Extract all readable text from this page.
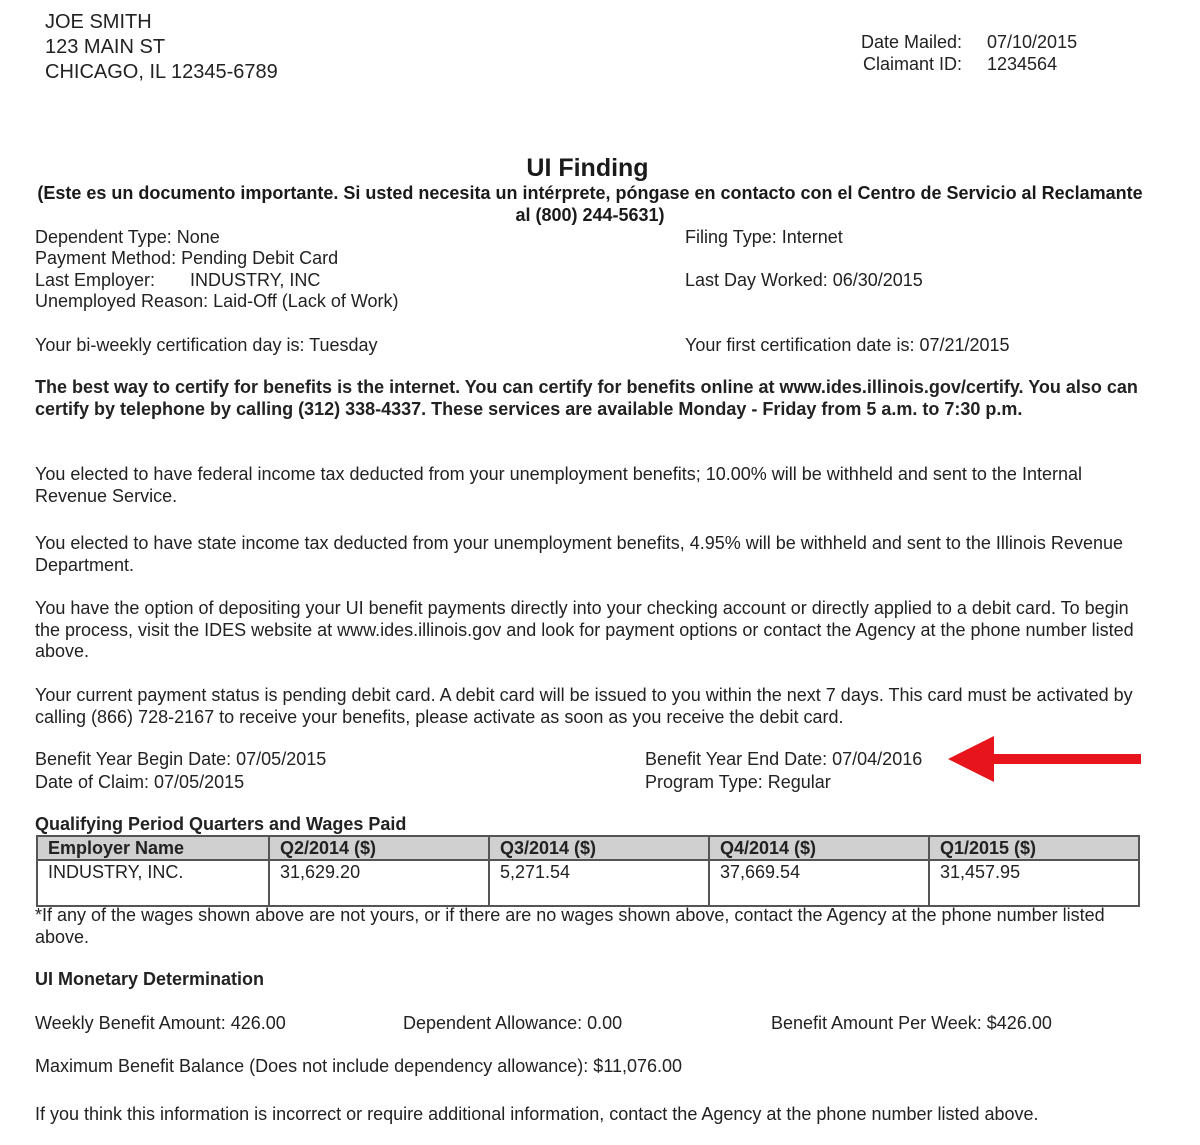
JOE SMITH
123 MAIN ST
CHICAGO, IL 12345-6789
Date Mailed: 07/10/2015
Claimant ID: 1234564
UI Finding
(Este es un documento importante. Si usted necesita un intérprete, póngase en contacto con el Centro de Servicio al Reclamante al (800) 244-5631)
Dependent Type: None
Payment Method: Pending Debit Card
Last Employer: INDUSTRY, INC
Unemployed Reason: Laid-Off (Lack of Work)
Filing Type: Internet
Last Day Worked: 06/30/2015
Your bi-weekly certification day is: Tuesday	Your first certification date is: 07/21/2015
The best way to certify for benefits is the internet. You can certify for benefits online at www.ides.illinois.gov/certify. You also can certify by telephone by calling (312) 338-4337. These services are available Monday - Friday from 5 a.m. to 7:30 p.m.
You elected to have federal income tax deducted from your unemployment benefits; 10.00% will be withheld and sent to the Internal Revenue Service.
You elected to have state income tax deducted from your unemployment benefits, 4.95% will be withheld and sent to the Illinois Revenue Department.
You have the option of depositing your UI benefit payments directly into your checking account or directly applied to a debit card. To begin the process, visit the IDES website at www.ides.illinois.gov and look for payment options or contact the Agency at the phone number listed above.
Your current payment status is pending debit card. A debit card will be issued to you within the next 7 days. This card must be activated by calling (866) 728-2167 to receive your benefits, please activate as soon as you receive the debit card.
Benefit Year Begin Date: 07/05/2015
Date of Claim: 07/05/2015
Benefit Year End Date: 07/04/2016
Program Type: Regular
Qualifying Period Quarters and Wages Paid
Employer Name	Q2/2014 ($)	Q3/2014 ($)	Q4/2014 ($)	Q1/2015 ($)
INDUSTRY, INC.	31,629.20	5,271.54	37,669.54	31,457.95
*If any of the wages shown above are not yours, or if there are no wages shown above, contact the Agency at the phone number listed above.
UI Monetary Determination
Weekly Benefit Amount: 426.00	Dependent Allowance: 0.00	Benefit Amount Per Week: $426.00
Maximum Benefit Balance (Does not include dependency allowance): $11,076.00
If you think this information is incorrect or require additional information, contact the Agency at the phone number listed above.
